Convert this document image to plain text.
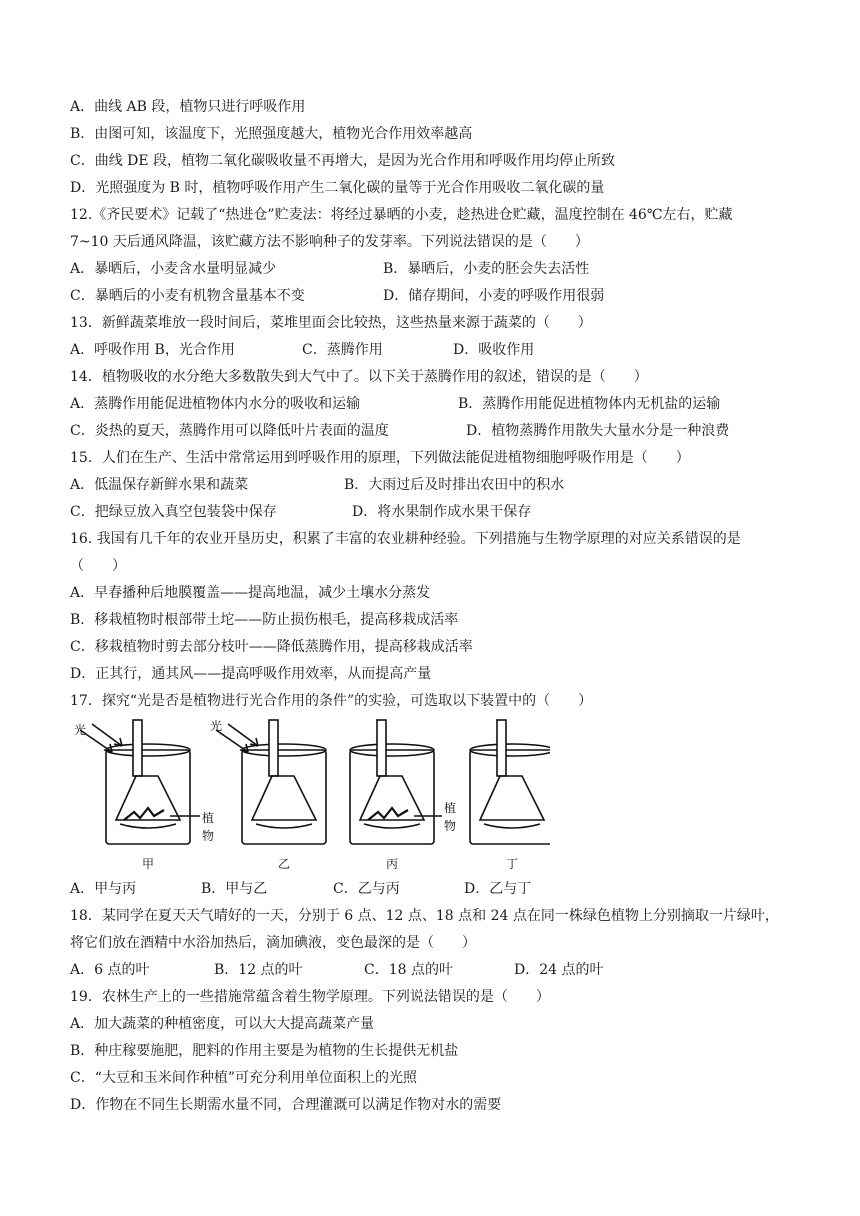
A．曲线 AB 段，植物只进行呼吸作用
B．由图可知，该温度下，光照强度越大，植物光合作用效率越高
C．曲线 DE 段，植物二氧化碳吸收量不再增大，是因为光合作用和呼吸作用均停止所致
D．光照强度为 B 时，植物呼吸作用产生二氧化碳的量等于光合作用吸收二氧化碳的量
12.《齐民要术》记载了“热进仓”贮麦法：将经过暴晒的小麦，趁热进仓贮藏，温度控制在 46℃左右，贮藏
7~10 天后通风降温，该贮藏方法不影响种子的发芽率。下列说法错误的是（　　）
A．暴晒后，小麦含水量明显减少	B．暴晒后，小麦的胚会失去活性
C．暴晒后的小麦有机物含量基本不变	D．储存期间，小麦的呼吸作用很弱
13．新鲜蔬菜堆放一段时间后，菜堆里面会比较热，这些热量来源于蔬菜的（　　）
A．呼吸作用 B，光合作用	C．蒸腾作用	D．吸收作用
14．植物吸收的水分绝大多数散失到大气中了。以下关于蒸腾作用的叙述，错误的是（　　）
A．蒸腾作用能促进植物体内水分的吸收和运输	B．蒸腾作用能促进植物体内无机盐的运输
C．炎热的夏天，蒸腾作用可以降低叶片表面的温度	D．植物蒸腾作用散失大量水分是一种浪费
15．人们在生产、生活中常常运用到呼吸作用的原理，下列做法能促进植物细胞呼吸作用是（　　）
A．低温保存新鲜水果和蔬菜	B．大雨过后及时排出农田中的积水
C．把绿豆放入真空包装袋中保存	D．将水果制作成水果干保存
16. 我国有几千年的农业开垦历史，积累了丰富的农业耕种经验。下列措施与生物学原理的对应关系错误的是
（　　）
A．早春播种后地膜覆盖——提高地温，减少土壤水分蒸发
B．移栽植物时根部带土坨——防止损伤根毛，提高移栽成活率
C．移栽植物时剪去部分枝叶——降低蒸腾作用，提高移栽成活率
D．正其行，通其风——提高呼吸作用效率，从而提高产量
17．探究“光是否是植物进行光合作用的条件”的实验，可选取以下装置中的（　　）
光	光
植
物
植
物
甲	乙	丙	丁
A．甲与丙	B．甲与乙	C．乙与丙	D．乙与丁
18．某同学在夏天天气晴好的一天，分别于 6 点、12 点、18 点和 24 点在同一株绿色植物上分别摘取一片绿叶，
将它们放在酒精中水浴加热后，滴加碘液，变色最深的是（　　）
A．6 点的叶	B．12 点的叶	C．18 点的叶	D．24 点的叶
19．农林生产上的一些措施常蕴含着生物学原理。下列说法错误的是（　　）
A．加大蔬菜的种植密度，可以大大提高蔬菜产量
B．种庄稼要施肥，肥料的作用主要是为植物的生长提供无机盐
C．“大豆和玉米间作种植”可充分利用单位面积上的光照
D．作物在不同生长期需水量不同，合理灌溉可以满足作物对水的需要
